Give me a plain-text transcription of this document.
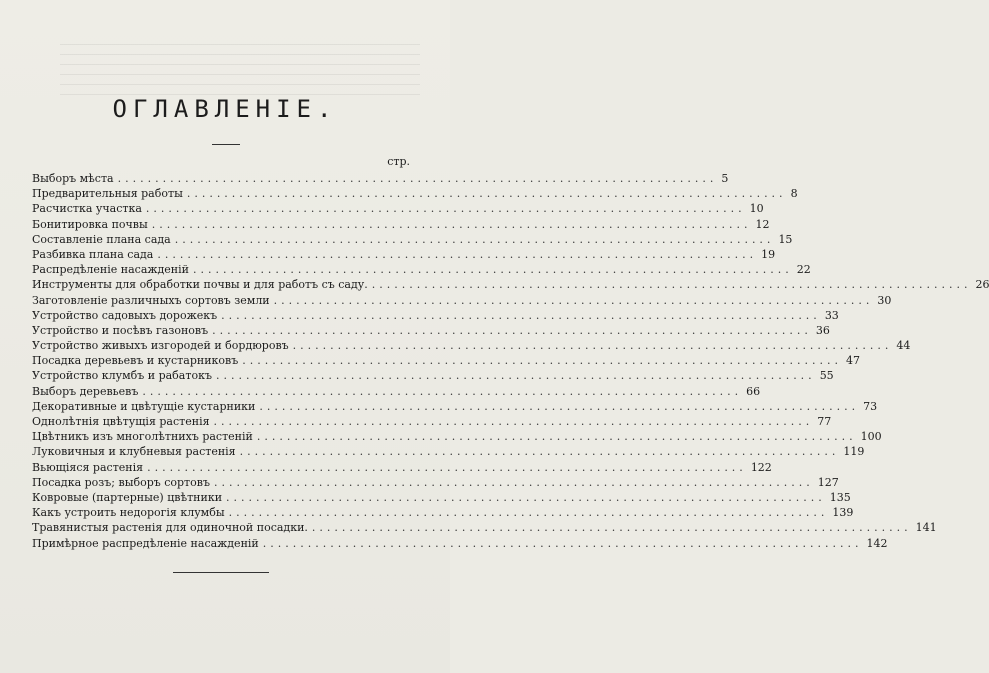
ОГЛАВЛЕНІЕ.
стр.
Выборъ мѣста ................................................................................ 5
Предварительныя работы ................................................................................ 8
Расчистка участка ................................................................................ 10
Бонитировка почвы ................................................................................ 12
Составленіе плана сада ................................................................................ 15
Разбивка плана сада ................................................................................ 19
Распредѣленіе насажденій ................................................................................ 22
Инструменты для обработки почвы и для работъ съ саду. ................................................................................ 26
Заготовленіе различныхъ сортовъ земли ................................................................................ 30
Устройство садовыхъ дорожекъ ................................................................................ 33
Устройство и посѣвъ газоновъ ................................................................................ 36
Устройство живыхъ изгородей и бордюровъ ................................................................................ 44
Посадка деревьевъ и кустарниковъ ................................................................................ 47
Устройство клумбъ и рабатокъ ................................................................................ 55
Выборъ деревьевъ ................................................................................ 66
Декоративные и цвѣтущіе кустарники ................................................................................ 73
Однолѣтнія цвѣтущія растенія ................................................................................ 77
Цвѣтникъ изъ многолѣтнихъ растеній ................................................................................ 100
Луковичныя и клубневыя растенія ................................................................................ 119
Вьющіяся растенія ................................................................................ 122
Посадка розъ; выборъ сортовъ ................................................................................ 127
Ковровые (партерные) цвѣтники ................................................................................ 135
Какъ устроить недорогія клумбы ................................................................................ 139
Травянистыя растенія для одиночной посадки. ................................................................................ 141
Примѣрное распредѣленіе насажденій ................................................................................ 142
